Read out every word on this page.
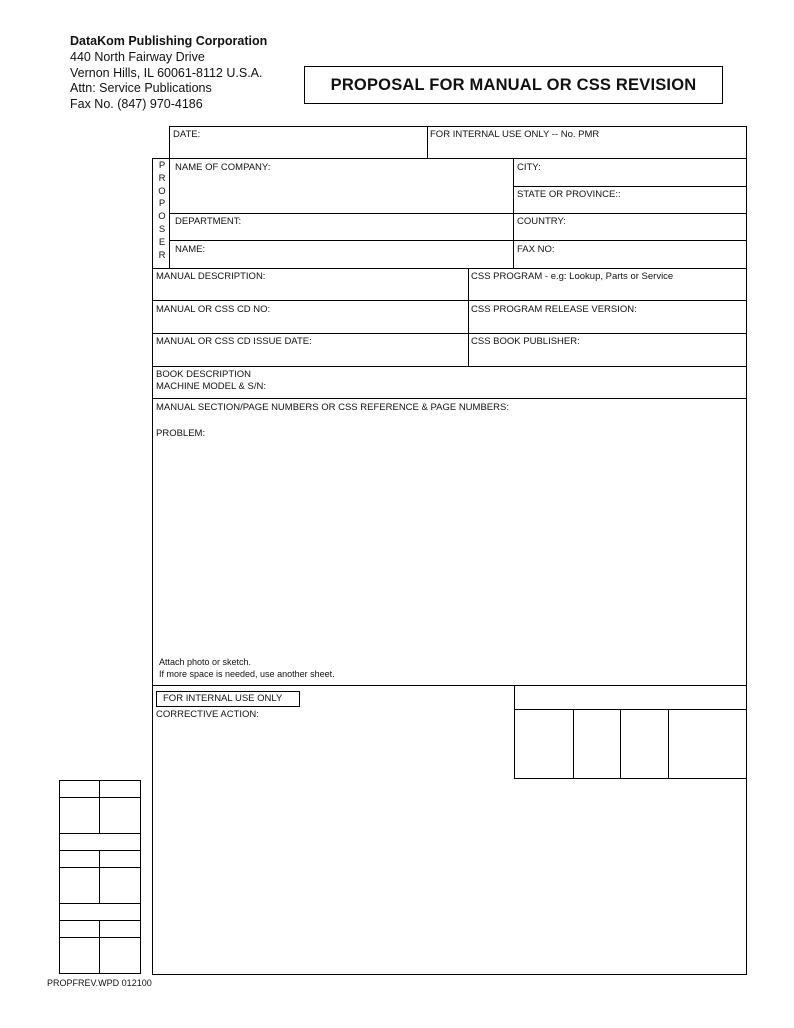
DataKom Publishing Corporation
440 North Fairway Drive
Vernon Hills, IL 60061-8112 U.S.A.
Attn: Service Publications
Fax No. (847) 970-4186
PROPOSAL FOR MANUAL OR CSS REVISION
DATE:	FOR INTERNAL USE ONLY -- No. PMR
P
R
O
P
O
S
E
R
NAME OF COMPANY:	CITY:
STATE OR PROVINCE::
DEPARTMENT:	COUNTRY:
NAME:	FAX NO:
MANUAL DESCRIPTION:	CSS PROGRAM - e.g: Lookup, Parts or Service
MANUAL OR CSS CD NO:	CSS PROGRAM RELEASE VERSION:
MANUAL OR CSS CD ISSUE DATE:	CSS BOOK PUBLISHER:
BOOK DESCRIPTION
MACHINE MODEL & S/N:
MANUAL SECTION/PAGE NUMBERS OR CSS REFERENCE & PAGE NUMBERS:
PROBLEM:
Attach photo or sketch.
If more space is needed, use another sheet.
FOR INTERNAL USE ONLY
CORRECTIVE ACTION:
PROPFREV.WPD 012100
